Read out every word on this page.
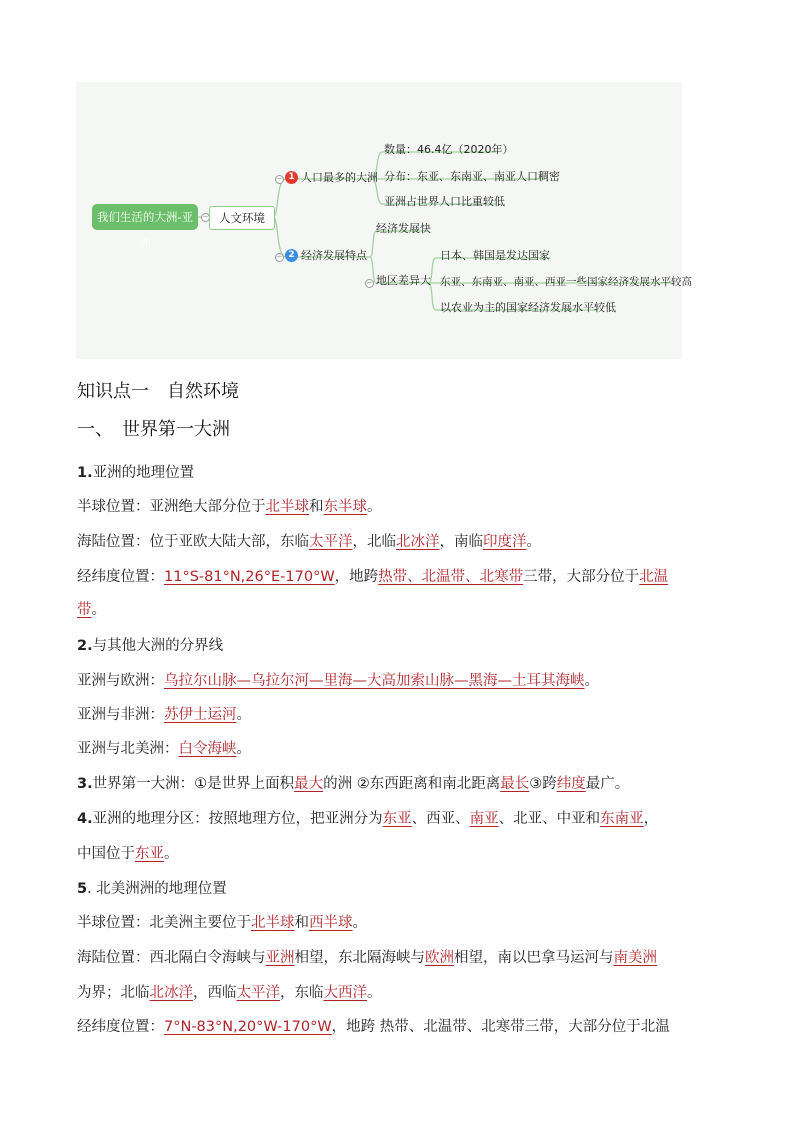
我们生活的大洲-亚洲
− 人文环境
− 1 人口最多的大洲
数量：46.4亿（2020年）
分布：东亚、东南亚、南亚人口稠密
亚洲占世界人口比重较低
− 2 经济发展特点
经济发展快
− 地区差异大
日本、韩国是发达国家
东亚、东南亚、南亚、西亚一些国家经济发展水平较高
以农业为主的国家经济发展水平较低
知识点一　自然环境
一、　世界第一大洲
1.亚洲的地理位置
半球位置：亚洲绝大部分位于北半球和东半球。
海陆位置：位于亚欧大陆大部，东临太平洋，北临北冰洋，南临印度洋。
经纬度位置：11°S-81°N,26°E-170°W，地跨热带、北温带、北寒带三带，大部分位于北温
带。
2.与其他大洲的分界线
亚洲与欧洲：乌拉尔山脉—乌拉尔河—里海—大高加索山脉—黑海—土耳其海峡。
亚洲与非洲：苏伊士运河。
亚洲与北美洲：白令海峡。
3.世界第一大洲：①是世界上面积最大的洲 ②东西距离和南北距离最长③跨纬度最广。
4.亚洲的地理分区：按照地理方位，把亚洲分为东亚、西亚、南亚、北亚、中亚和东南亚，
中国位于东亚。
5. 北美洲洲的地理位置
半球位置：北美洲主要位于北半球和西半球。
海陆位置：西北隔白令海峡与亚洲相望，东北隔海峡与欧洲相望，南以巴拿马运河与南美洲
为界；北临北冰洋，西临太平洋，东临大西洋。
经纬度位置：7°N-83°N,20°W-170°W，地跨 热带、北温带、北寒带三带，大部分位于北温
